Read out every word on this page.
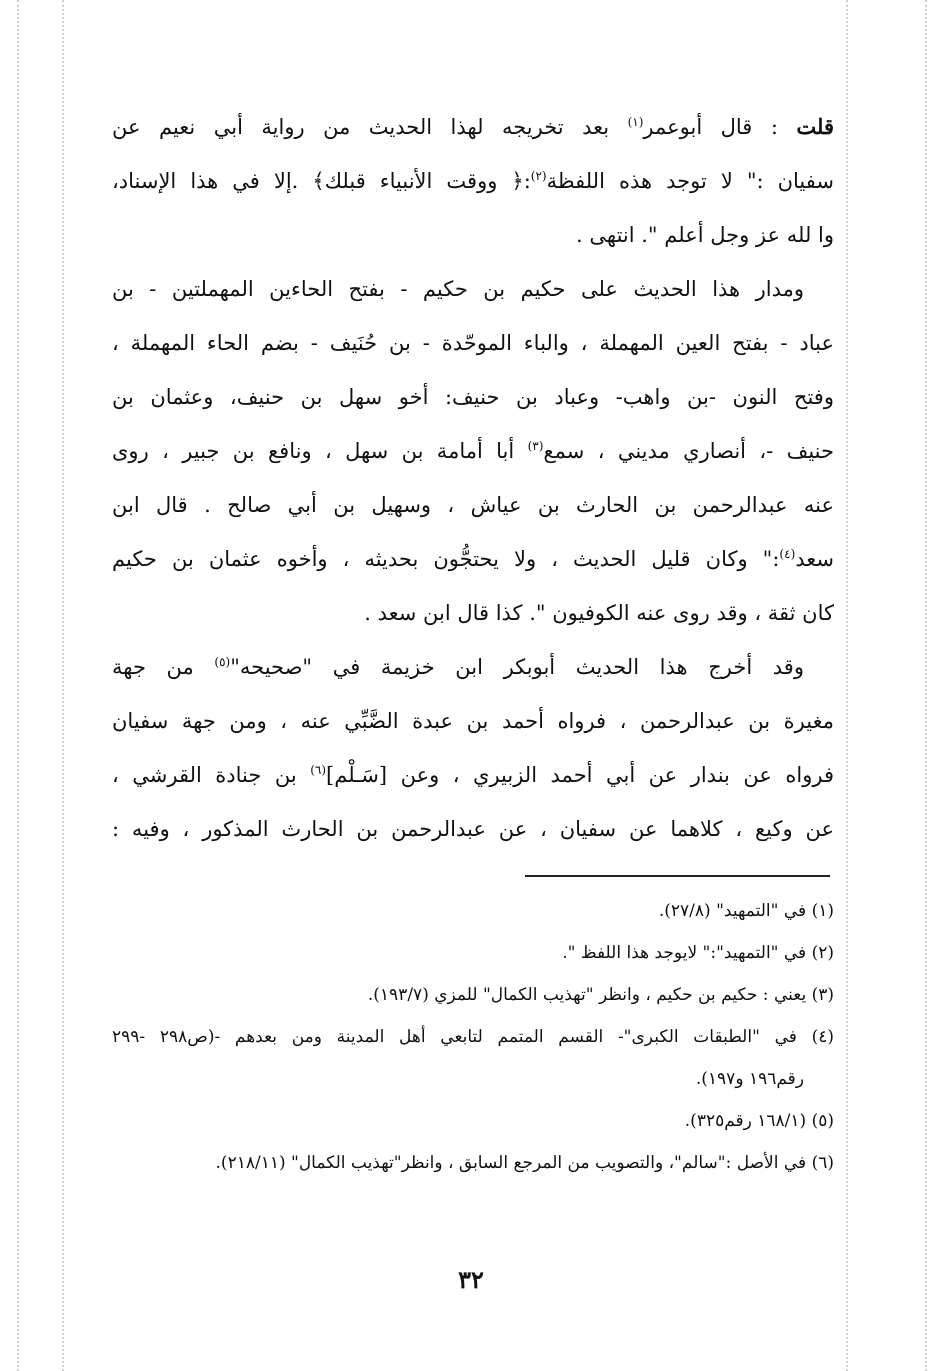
قلت : قال أبوعمر$^{(١)}$ بعد تخريجه لهذا الحديث من رواية أبي نعيم عن
سفيان :" لا توجد هذه اللفظة$^{(٢)}$:﴿ ووقت الأنبياء قبلك﴾ .إلا في هذا الإسناد،
وا لله عز وجل أعلم ". انتهى .
ومدار هذا الحديث على حكيم بن حكيم - بفتح الحاءين المهملتين - بن
عباد - بفتح العين المهملة ، والباء الموحّدة - بن حُنَيف - بضم الحاء المهملة ،
وفتح النون -بن واهب- وعباد بن حنيف: أخو سهل بن حنيف، وعثمان بن
حنيف -، أنصاري مديني ، سمع$^{(٣)}$ أبا أمامة بن سهل ، ونافع بن جبير ، روى
عنه عبدالرحمن بن الحارث بن عياش ، وسهيل بن أبي صالح . قال ابن
سعد$^{(٤)}$:" وكان قليل الحديث ، ولا يحتجُّون بحديثه ، وأخوه عثمان بن حكيم
كان ثقة ، وقد روى عنه الكوفيون ". كذا قال ابن سعد .
وقد أخرج هذا الحديث أبوبكر ابن خزيمة في "صحيحه"$^{(٥)}$ من جهة
مغيرة بن عبدالرحمن ، فرواه أحمد بن عبدة الضَّبِّي عنه ، ومن جهة سفيان
فرواه عن بندار عن أبي أحمد الزبيري ، وعن [سَـلْم]$^{(٦)}$ بن جنادة القرشي ،
عن وكيع ، كلاهما عن سفيان ، عن عبدالرحمن بن الحارث المذكور ، وفيه :
(١) في "التمهيد" (٢٧/٨).
(٢) في "التمهيد":" لايوجد هذا اللفظ ".
(٣) يعني : حكيم بن حكيم ، وانظر "تهذيب الكمال" للمزي (١٩٣/٧).
(٤) في "الطبقات الكبرى"- القسم المتمم لتابعي أهل المدينة ومن بعدهم -(ص٢٩٨ -٢٩٩
رقم١٩٦ و١٩٧).
(٥) (١٦٨/١ رقم٣٢٥).
(٦) في الأصل :"سالم"، والتصويب من المرجع السابق ، وانظر"تهذيب الكمال" (٢١٨/١١).
٣٢
